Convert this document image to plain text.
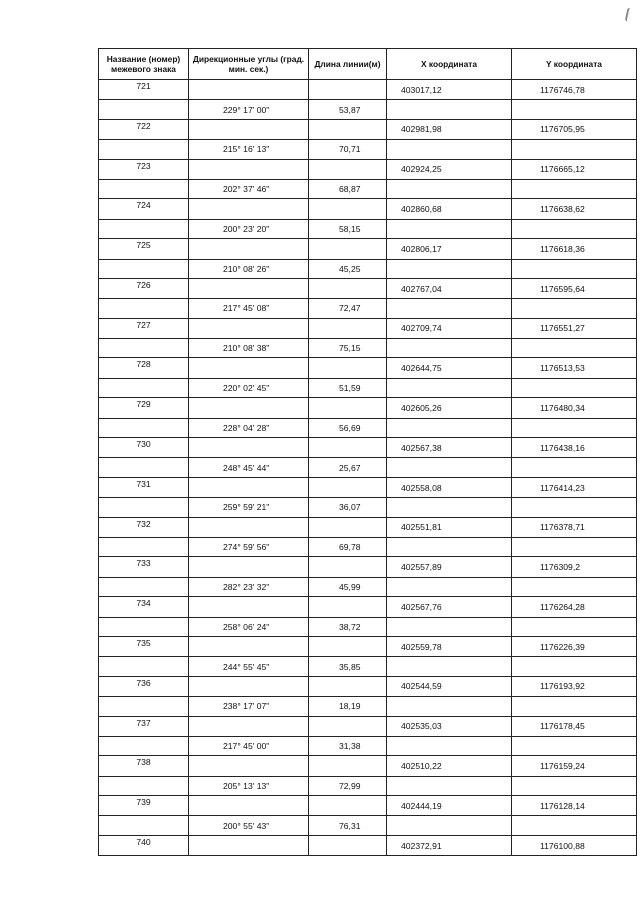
Название (номер) межевого знака	Дирекционные углы (град. мин. сек.)	Длина линии(м)	X координата	Y координата
721			403017,12	1176746,78
	229° 17' 00"	53,87		
722			402981,98	1176705,95
	215° 16' 13"	70,71		
723			402924,25	1176665,12
	202° 37' 46"	68,87		
724			402860,68	1176638,62
	200° 23' 20"	58,15		
725			402806,17	1176618,36
	210° 08' 26"	45,25		
726			402767,04	1176595,64
	217° 45' 08"	72,47		
727			402709,74	1176551,27
	210° 08' 38"	75,15		
728			402644,75	1176513,53
	220° 02' 45"	51,59		
729			402605,26	1176480,34
	228° 04' 28"	56,69		
730			402567,38	1176438,16
	248° 45' 44"	25,67		
731			402558,08	1176414,23
	259° 59' 21"	36,07		
732			402551,81	1176378,71
	274° 59' 56"	69,78		
733			402557,89	1176309,2
	282° 23' 32"	45,99		
734			402567,76	1176264,28
	258° 06' 24"	38,72		
735			402559,78	1176226,39
	244° 55' 45"	35,85		
736			402544,59	1176193,92
	238° 17' 07"	18,19		
737			402535,03	1176178,45
	217° 45' 00"	31,38		
738			402510,22	1176159,24
	205° 13' 13"	72,99		
739			402444,19	1176128,14
	200° 55' 43"	76,31		
740			402372,91	1176100,88
